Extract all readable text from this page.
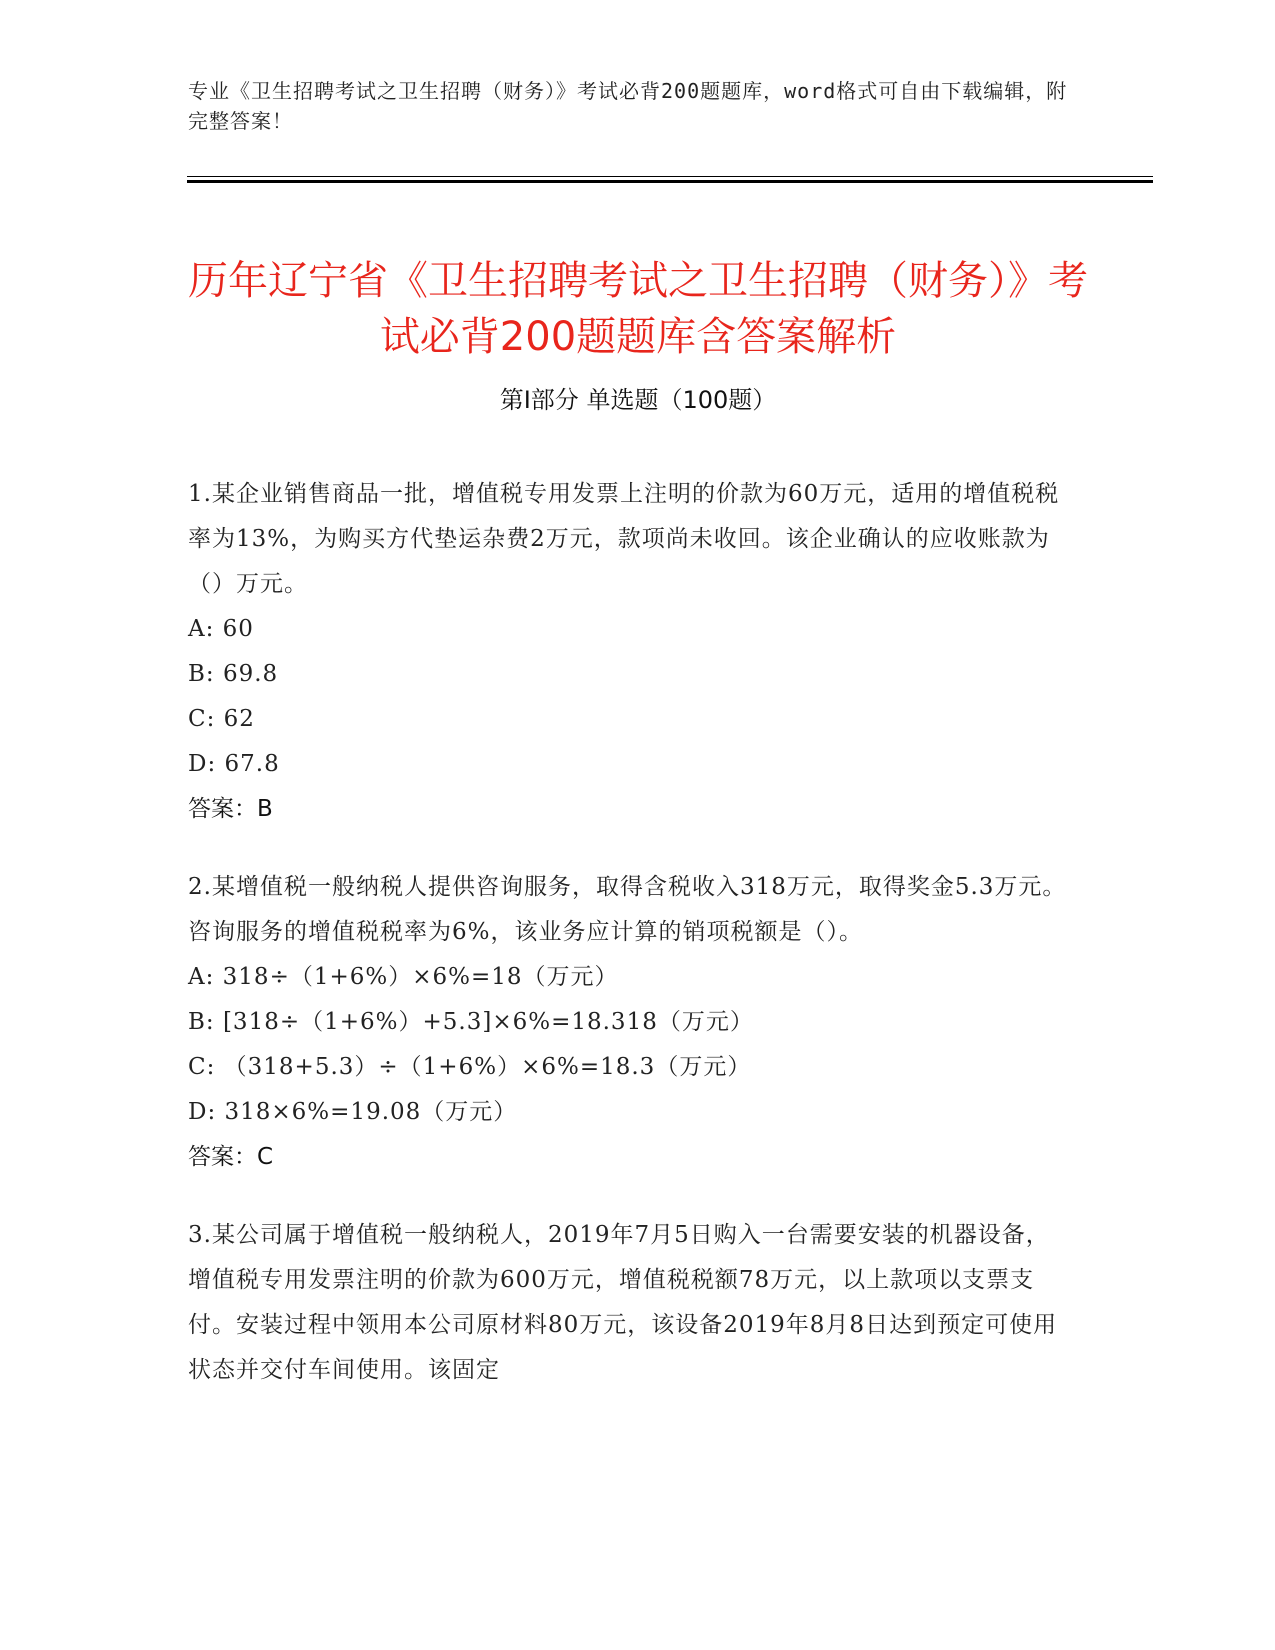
专业《卫生招聘考试之卫生招聘（财务）》考试必背200题题库，word格式可自由下载编辑，附完整答案！
历年辽宁省《卫生招聘考试之卫生招聘（财务）》考试必背200题题库含答案解析
第Ⅰ部分 单选题（100题）

1.某企业销售商品一批，增值税专用发票上注明的价款为60万元，适用的增值税税率为13%，为购买方代垫运杂费2万元，款项尚未收回。该企业确认的应收账款为（）万元。

A: 60

B: 69.8

C: 62

D: 67.8

答案：B

2.某增值税一般纳税人提供咨询服务，取得含税收入318万元，取得奖金5.3万元。咨询服务的增值税税率为6%，该业务应计算的销项税额是（）。

A: 318÷（1+6%）×6%=18（万元）

B: [318÷（1+6%）+5.3]×6%=18.318（万元）

C: （318+5.3）÷（1+6%）×6%=18.3（万元）

D: 318×6%=19.08（万元）

答案：C

3.某公司属于增值税一般纳税人，2019年7月5日购入一台需要安装的机器设备，增值税专用发票注明的价款为600万元，增值税税额78万元，以上款项以支票支付。安装过程中领用本公司原材料80万元，该设备2019年8月8日达到预定可使用状态并交付车间使用。该固定
